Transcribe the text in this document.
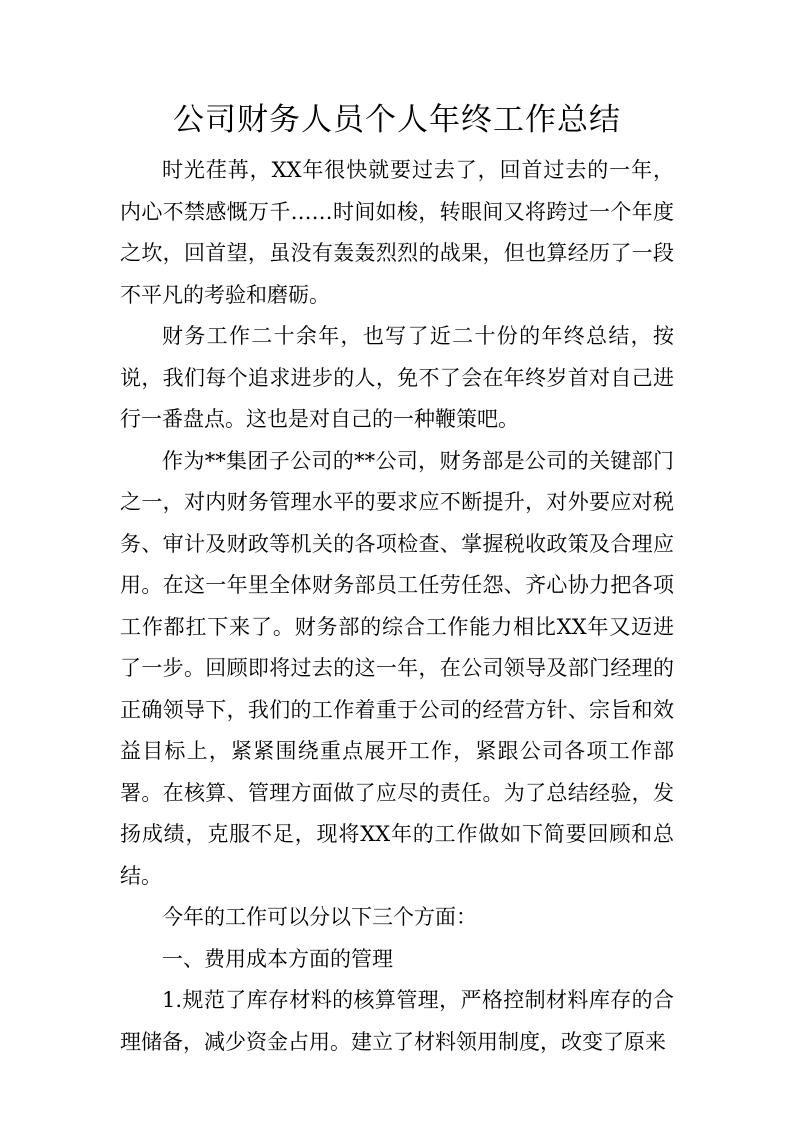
公司财务人员个人年终工作总结

时光荏苒，XX年很快就要过去了，回首过去的一年，内心不禁感慨万千……时间如梭，转眼间又将跨过一个年度之坎，回首望，虽没有轰轰烈烈的战果，但也算经历了一段不平凡的考验和磨砺。

财务工作二十余年，也写了近二十份的年终总结，按说，我们每个追求进步的人，免不了会在年终岁首对自己进行一番盘点。这也是对自己的一种鞭策吧。

作为**集团子公司的**公司，财务部是公司的关键部门之一，对内财务管理水平的要求应不断提升，对外要应对税务、审计及财政等机关的各项检查、掌握税收政策及合理应用。在这一年里全体财务部员工任劳任怨、齐心协力把各项工作都扛下来了。财务部的综合工作能力相比XX年又迈进了一步。回顾即将过去的这一年，在公司领导及部门经理的正确领导下，我们的工作着重于公司的经营方针、宗旨和效益目标上，紧紧围绕重点展开工作，紧跟公司各项工作部署。在核算、管理方面做了应尽的责任。为了总结经验，发扬成绩，克服不足，现将XX年的工作做如下简要回顾和总结。

今年的工作可以分以下三个方面：

一、费用成本方面的管理

1.规范了库存材料的核算管理，严格控制材料库存的合理储备，减少资金占用。建立了材料领用制度，改变了原来
